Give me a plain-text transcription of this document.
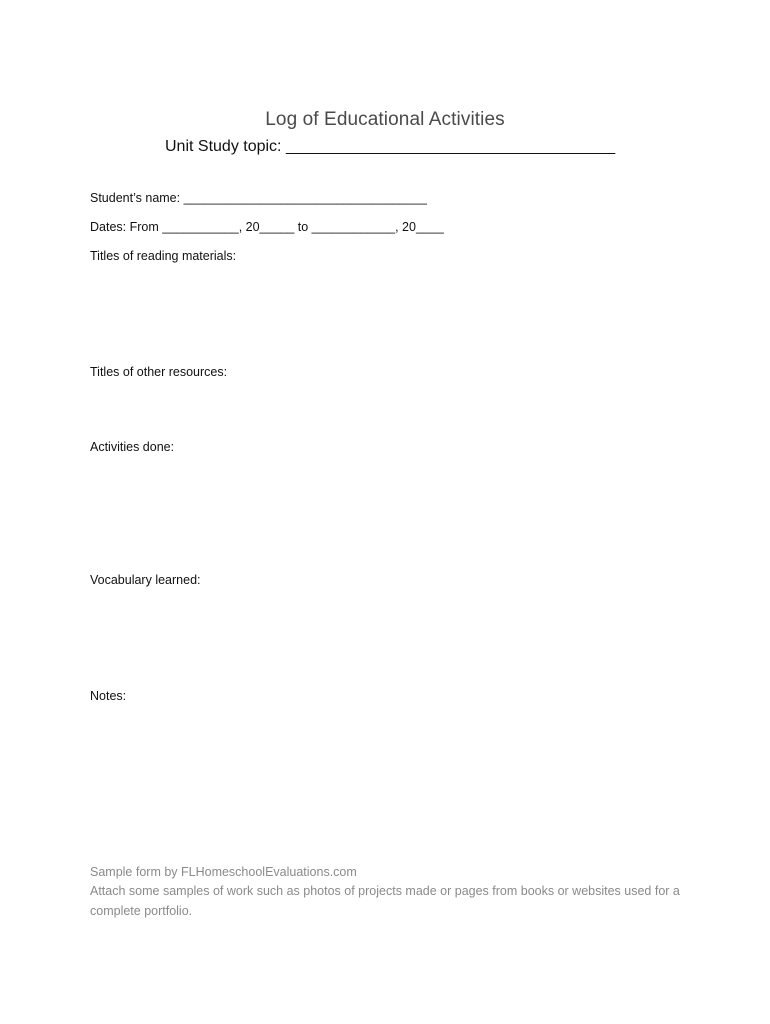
Log of Educational Activities
Unit Study topic: _____________________________________
Student’s name: ___________________________________
Dates: From ___________, 20_____ to ____________, 20____
Titles of reading materials:
Titles of other resources:
Activities done:
Vocabulary learned:
Notes:
Sample form by FLHomeschoolEvaluations.com
Attach some samples of work such as photos of projects made or pages from books or websites used for a complete portfolio.
